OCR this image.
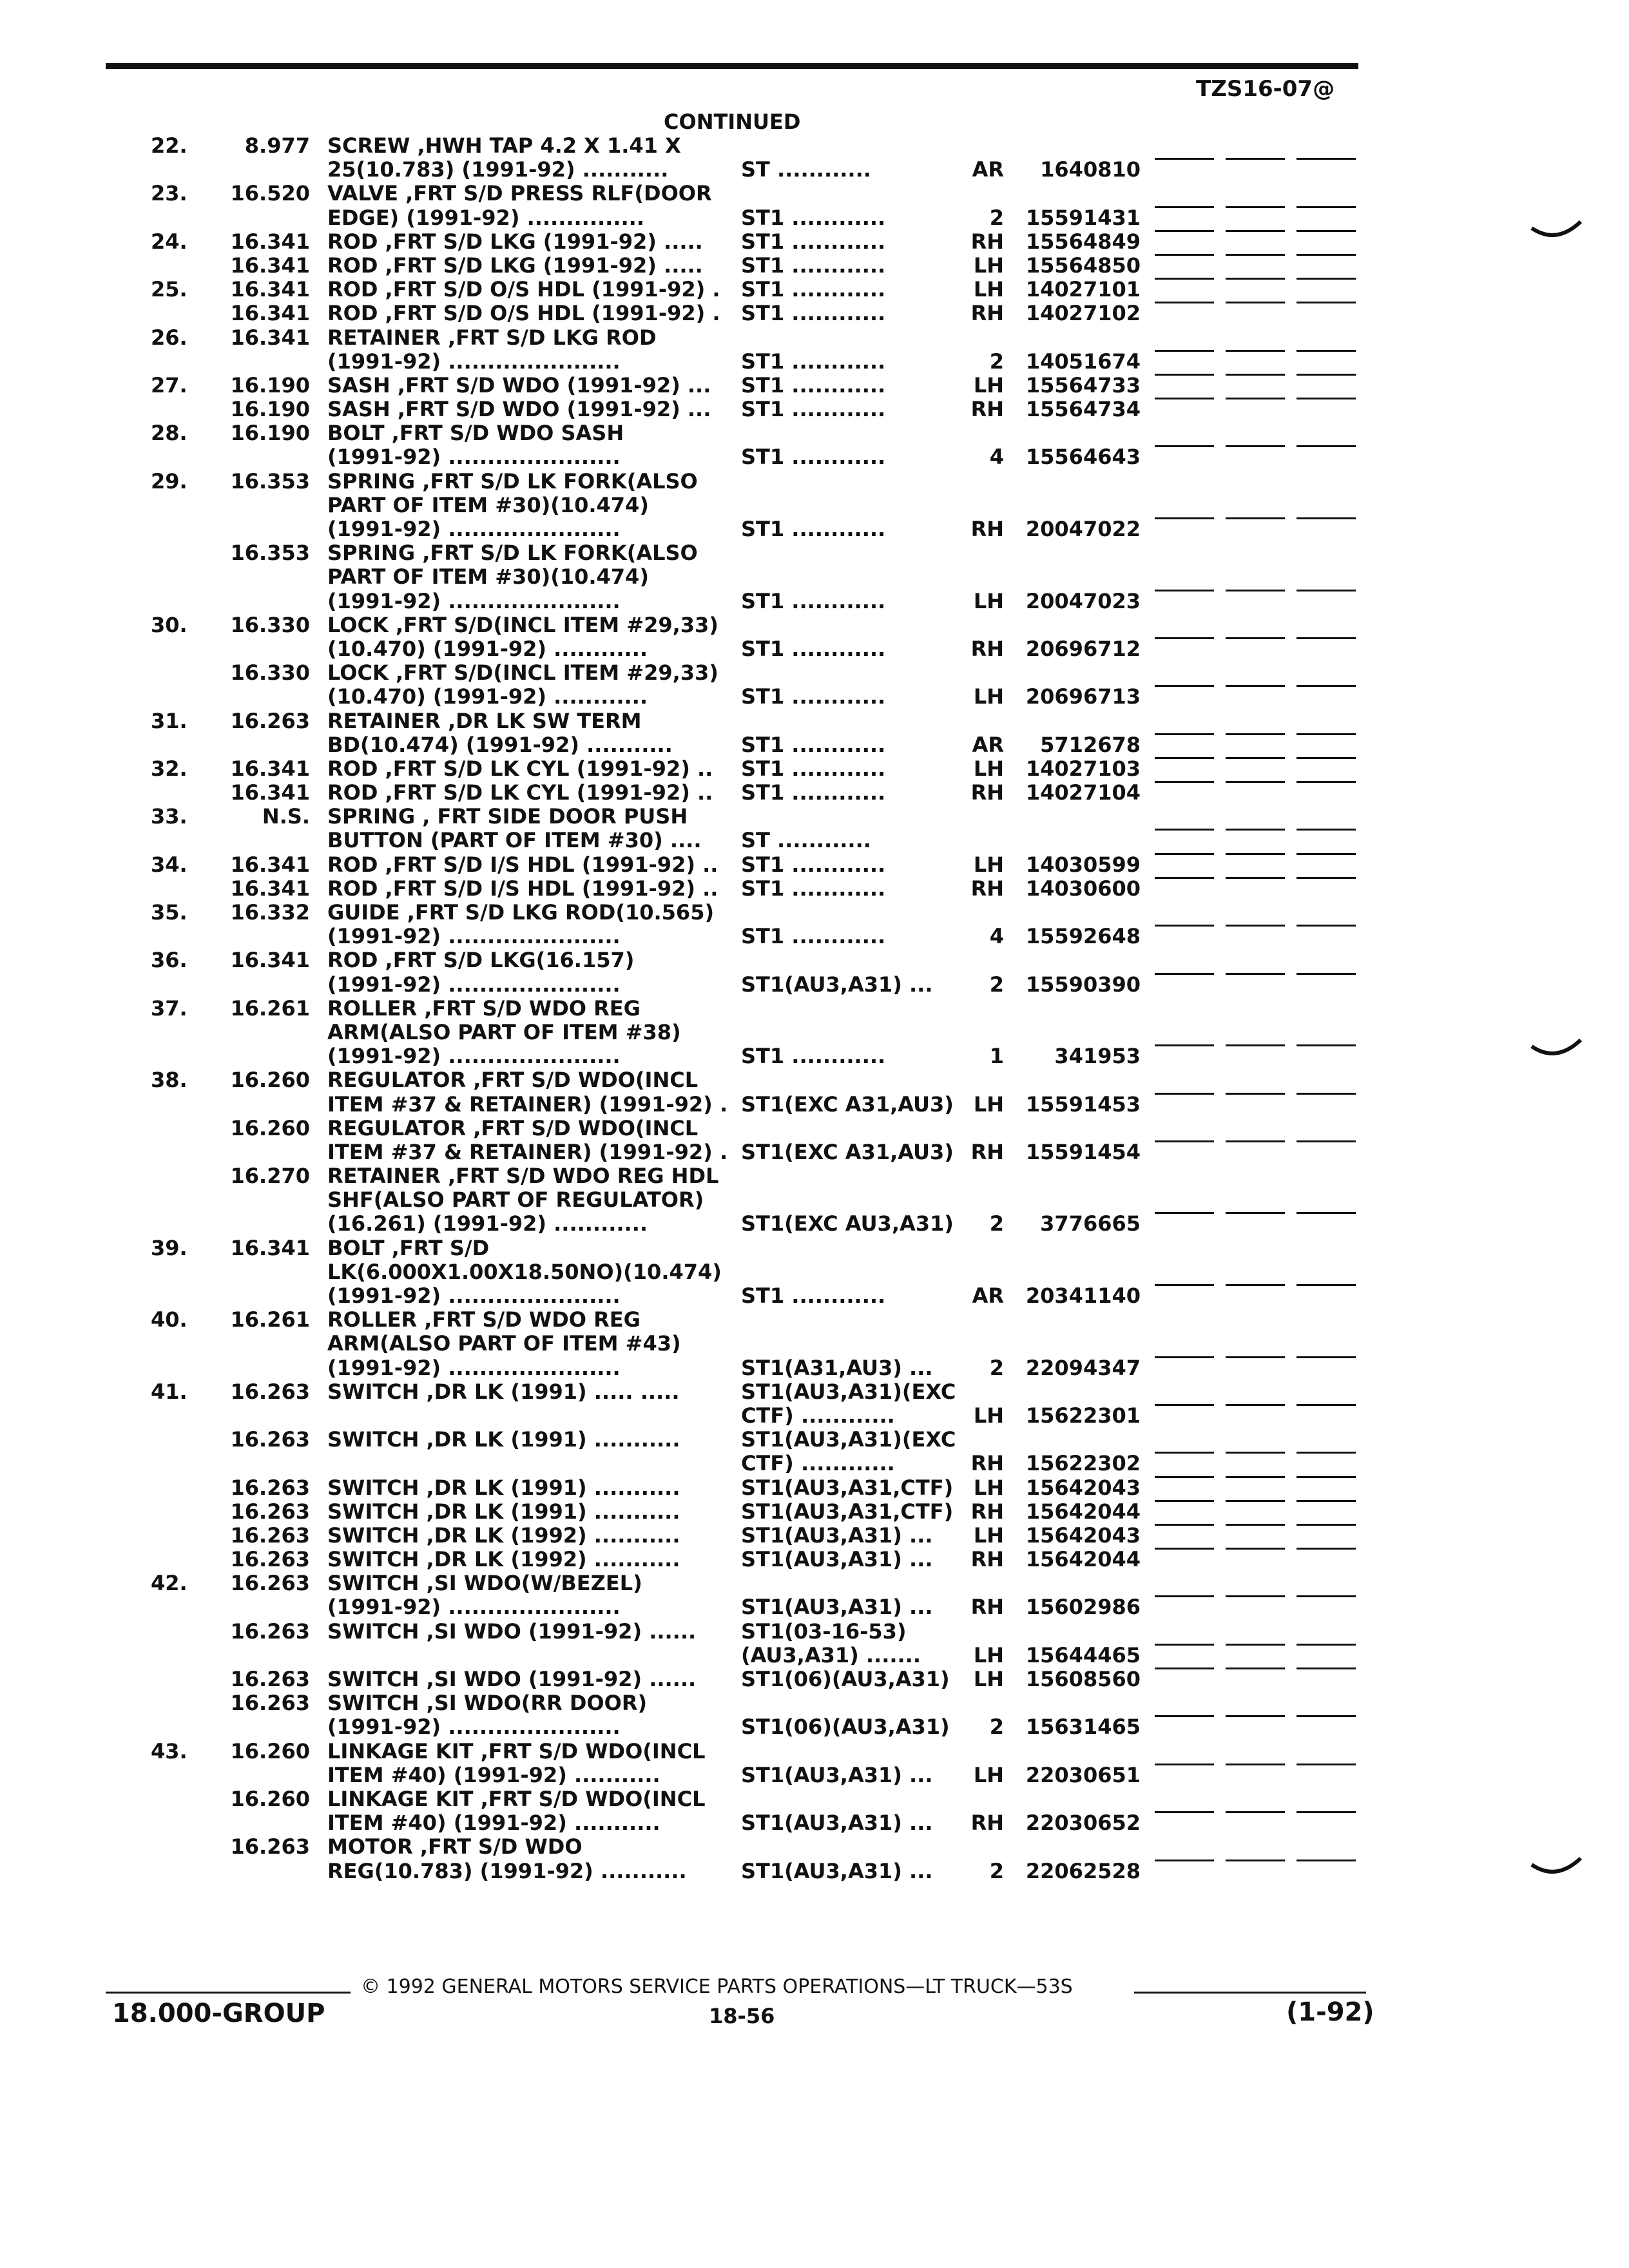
TZS16-07@
CONTINUED
22.	8.977 SCREW ,HWH TAP 4.2 X 1.41 X
25(10.783) (1991-92) ...........	ST ............	AR	1640810
23. 16.520 VALVE ,FRT S/D PRESS RLF(DOOR
EDGE) (1991-92) ...............	ST1 ............	2	15591431
24. 16.341 ROD ,FRT S/D LKG (1991-92) ..... ST1 ............	RH	15564849
16.341 ROD ,FRT S/D LKG (1991-92) ..... ST1 ............	LH	15564850
25. 16.341 ROD ,FRT S/D O/S HDL (1991-92) . ST1 ............	LH	14027101
16.341 ROD ,FRT S/D O/S HDL (1991-92) . ST1 ............	RH	14027102
26. 16.341 RETAINER ,FRT S/D LKG ROD
(1991-92) ......................	ST1 ............	2	14051674
27. 16.190 SASH ,FRT S/D WDO (1991-92) ... ST1 ............	LH	15564733
16.190 SASH ,FRT S/D WDO (1991-92) ... ST1 ............	RH	15564734
28. 16.190 BOLT ,FRT S/D WDO SASH
(1991-92) ......................	ST1 ............	4	15564643
29. 16.353 SPRING ,FRT S/D LK FORK(ALSO
PART OF ITEM #30)(10.474)
(1991-92) ......................	ST1 ............	RH	20047022
16.353 SPRING ,FRT S/D LK FORK(ALSO
PART OF ITEM #30)(10.474)
(1991-92) ......................	ST1 ............	LH	20047023
30. 16.330 LOCK ,FRT S/D(INCL ITEM #29,33)
(10.470) (1991-92) ............	ST1 ............	RH	20696712
16.330 LOCK ,FRT S/D(INCL ITEM #29,33)
(10.470) (1991-92) ............	ST1 ............	LH	20696713
31. 16.263 RETAINER ,DR LK SW TERM
BD(10.474) (1991-92) ...........	ST1 ............	AR	5712678
32. 16.341 ROD ,FRT S/D LK CYL (1991-92) .. ST1 ............	LH	14027103
16.341 ROD ,FRT S/D LK CYL (1991-92) .. ST1 ............	RH	14027104
33.	N.S. SPRING , FRT SIDE DOOR PUSH
BUTTON (PART OF ITEM #30) .... ST ............
34. 16.341 ROD ,FRT S/D I/S HDL (1991-92) .. ST1 ............	LH	14030599
16.341 ROD ,FRT S/D I/S HDL (1991-92) .. ST1 ............	RH	14030600
35. 16.332 GUIDE ,FRT S/D LKG ROD(10.565)
(1991-92) ......................	ST1 ............	4	15592648
36. 16.341 ROD ,FRT S/D LKG(16.157)
(1991-92) ......................	ST1(AU3,A31) ...	2	15590390
37. 16.261 ROLLER ,FRT S/D WDO REG
ARM(ALSO PART OF ITEM #38)
(1991-92) ......................	ST1 ............	1	341953
38. 16.260 REGULATOR ,FRT S/D WDO(INCL
ITEM #37 & RETAINER) (1991-92) . ST1(EXC A31,AU3) LH	15591453
16.260 REGULATOR ,FRT S/D WDO(INCL
ITEM #37 & RETAINER) (1991-92) . ST1(EXC A31,AU3) RH	15591454
16.270 RETAINER ,FRT S/D WDO REG HDL
SHF(ALSO PART OF REGULATOR)
(16.261) (1991-92) ............	ST1(EXC AU3,A31)	2	3776665
39. 16.341 BOLT ,FRT S/D
LK(6.000X1.00X18.50NO)(10.474)
(1991-92) ......................	ST1 ............	AR	20341140
40. 16.261 ROLLER ,FRT S/D WDO REG
ARM(ALSO PART OF ITEM #43)
(1991-92) ......................	ST1(A31,AU3) ...	2	22094347
41. 16.263 SWITCH ,DR LK (1991) ..... .....	ST1(AU3,A31)(EXC
CTF) ............	LH	15622301
16.263 SWITCH ,DR LK (1991) ...........	ST1(AU3,A31)(EXC
CTF) ............	RH	15622302
16.263 SWITCH ,DR LK (1991) ...........	ST1(AU3,A31,CTF) LH	15642043
16.263 SWITCH ,DR LK (1991) ...........	ST1(AU3,A31,CTF) RH	15642044
16.263 SWITCH ,DR LK (1992) ...........	ST1(AU3,A31) ...	LH	15642043
16.263 SWITCH ,DR LK (1992) ...........	ST1(AU3,A31) ...	RH	15642044
42. 16.263 SWITCH ,SI WDO(W/BEZEL)
(1991-92) ......................	ST1(AU3,A31) ...	RH	15602986
16.263 SWITCH ,SI WDO (1991-92) ...... ST1(03-16-53)
(AU3,A31) .......	LH	15644465
16.263 SWITCH ,SI WDO (1991-92) ...... ST1(06)(AU3,A31)	LH	15608560
16.263 SWITCH ,SI WDO(RR DOOR)
(1991-92) ......................	ST1(06)(AU3,A31)	2	15631465
43. 16.260 LINKAGE KIT ,FRT S/D WDO(INCL
ITEM #40) (1991-92) ...........	ST1(AU3,A31) ...	LH	22030651
16.260 LINKAGE KIT ,FRT S/D WDO(INCL
ITEM #40) (1991-92) ...........	ST1(AU3,A31) ...	RH	22030652
16.263 MOTOR ,FRT S/D WDO
REG(10.783) (1991-92) ...........	ST1(AU3,A31) ...	2	22062528
© 1992 GENERAL MOTORS SERVICE PARTS OPERATIONS—LT TRUCK—53S
18.000-GROUP	18-56	(1-92)
